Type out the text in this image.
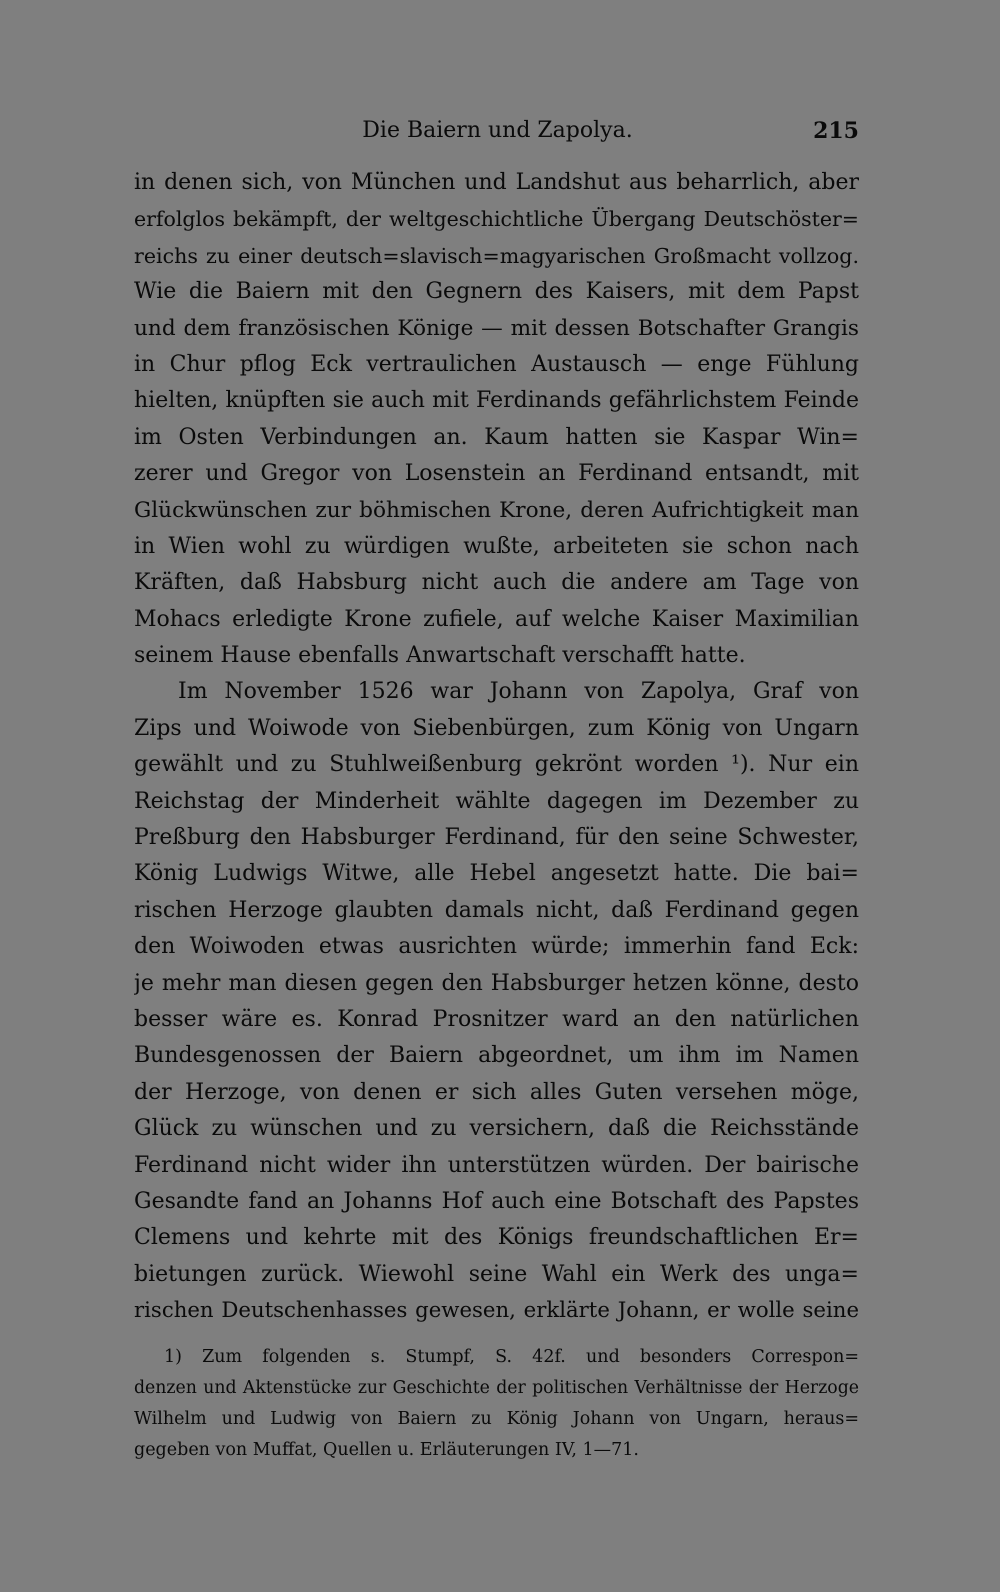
Die Baiern und Zapolya.	215
in denen sich, von München und Landshut aus beharrlich, aber
erfolglos bekämpft, der weltgeschichtliche Übergang Deutschöster=
reichs zu einer deutsch=slavisch=magyarischen Großmacht vollzog.
Wie die Baiern mit den Gegnern des Kaisers, mit dem Papst
und dem französischen Könige — mit dessen Botschafter Grangis
in Chur pflog Eck vertraulichen Austausch — enge Fühlung
hielten, knüpften sie auch mit Ferdinands gefährlichstem Feinde
im Osten Verbindungen an. Kaum hatten sie Kaspar Win=
zerer und Gregor von Losenstein an Ferdinand entsandt, mit
Glückwünschen zur böhmischen Krone, deren Aufrichtigkeit man
in Wien wohl zu würdigen wußte, arbeiteten sie schon nach
Kräften, daß Habsburg nicht auch die andere am Tage von
Mohacs erledigte Krone zufiele, auf welche Kaiser Maximilian
seinem Hause ebenfalls Anwartschaft verschafft hatte.
Im November 1526 war Johann von Zapolya, Graf von
Zips und Woiwode von Siebenbürgen, zum König von Ungarn
gewählt und zu Stuhlweißenburg gekrönt worden ¹). Nur ein
Reichstag der Minderheit wählte dagegen im Dezember zu
Preßburg den Habsburger Ferdinand, für den seine Schwester,
König Ludwigs Witwe, alle Hebel angesetzt hatte. Die bai=
rischen Herzoge glaubten damals nicht, daß Ferdinand gegen
den Woiwoden etwas ausrichten würde; immerhin fand Eck:
je mehr man diesen gegen den Habsburger hetzen könne, desto
besser wäre es. Konrad Prosnitzer ward an den natürlichen
Bundesgenossen der Baiern abgeordnet, um ihm im Namen
der Herzoge, von denen er sich alles Guten versehen möge,
Glück zu wünschen und zu versichern, daß die Reichsstände
Ferdinand nicht wider ihn unterstützen würden. Der bairische
Gesandte fand an Johanns Hof auch eine Botschaft des Papstes
Clemens und kehrte mit des Königs freundschaftlichen Er=
bietungen zurück. Wiewohl seine Wahl ein Werk des unga=
rischen Deutschenhasses gewesen, erklärte Johann, er wolle seine
1) Zum folgenden s. Stumpf, S. 42f. und besonders Correspon=
denzen und Aktenstücke zur Geschichte der politischen Verhältnisse der Herzoge
Wilhelm und Ludwig von Baiern zu König Johann von Ungarn, heraus=
gegeben von Muffat, Quellen u. Erläuterungen IV, 1—71.
